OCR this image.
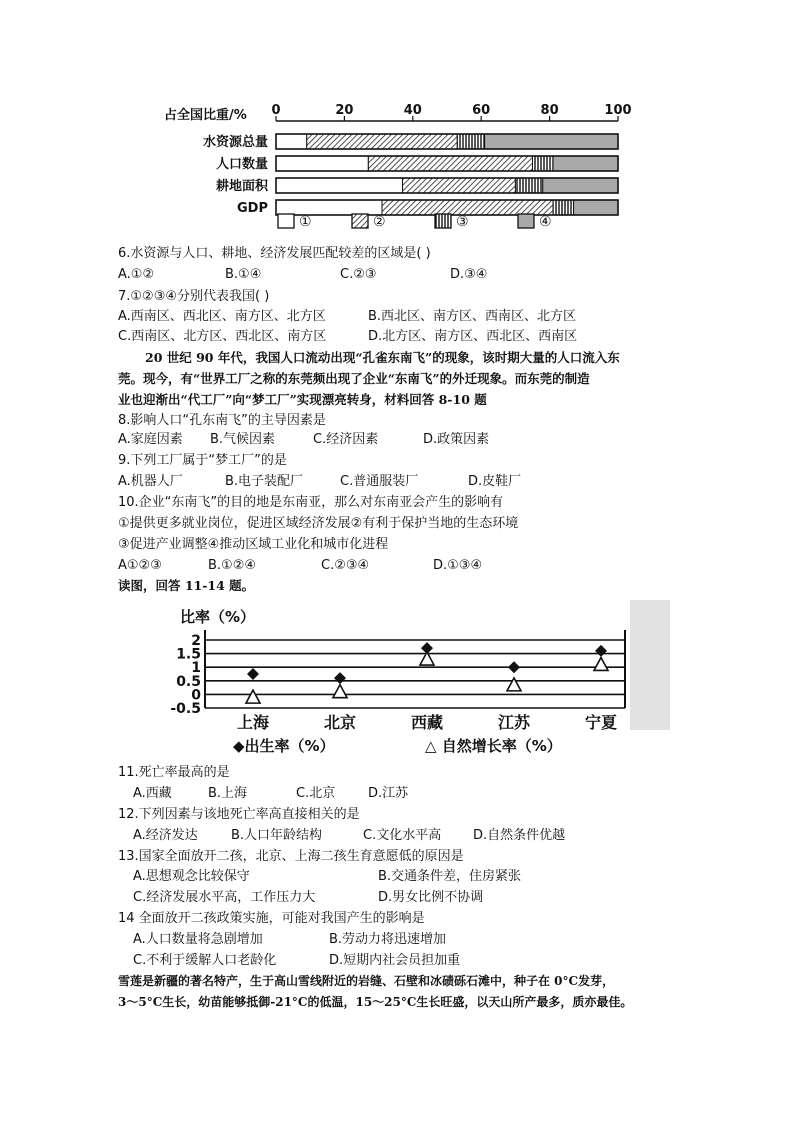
占全国比重/% 0	20	40	60	80	100
水资源总量
人口数量
耕地面积
GDP
①	②	③	④
6.水资源与人口、耕地、经济发展匹配较差的区域是( )
A.①②	B.①④	C.②③	D.③④
7.①②③④分别代表我国( )
A.西南区、西北区、南方区、北方区	B.西北区、南方区、西南区、北方区
C.西南区、北方区、西北区、南方区	D.北方区、南方区、西北区、西南区
20 世纪 90 年代，我国人口流动出现“孔雀东南飞”的现象，该时期大量的人口流入东
莞。现今，有“世界工厂之称的东莞频出现了企业“东南飞”的外迁现象。而东莞的制造
业也迎渐出“代工厂”向“梦工厂”实现漂亮转身，材料回答 8-10 题
8.影响人口“孔东南飞”的主导因素是
A.家庭因素 B.气候因素	C.经济因素	D.政策因素
9.下列工厂属于“梦工厂”的是
A.机器人厂	B.电子装配厂	C.普通服装厂	D.皮鞋厂
10.企业“东南飞”的目的地是东南亚，那么对东南亚会产生的影响有
①提供更多就业岗位，促进区域经济发展②有利于保护当地的生态环境
③促进产业调整④推动区域工业化和城市化进程
A①②③	B.①②④	C.②③④	D.①③④
读图，回答 11-14 题。
比率（%）
2
1.5
1
0.5
0
-0.5
上海	北京	西藏	江苏	宁夏
◆出生率（%）	△ 自然增长率（%）
11.死亡率最高的是
A.西藏	B.上海	C.北京	D.江苏
12.下列因素与该地死亡率高直接相关的是
A.经济发达	B.人口年龄结构	C.文化水平高 D.自然条件优越
13.国家全面放开二孩，北京、上海二孩生育意愿低的原因是
A.思想观念比较保守	B.交通条件差，住房紧张
C.经济发展水平高，工作压力大	D.男女比例不协调
14 全面放开二孩政策实施，可能对我国产生的影响是
A.人口数量将急剧增加	B.劳动力将迅速增加
C.不利于缓解人口老龄化	D.短期内社会员担加重
雪莲是新疆的著名特产，生于高山雪线附近的岩缝、石壁和冰碛砾石滩中，种子在 0°C发芽，
3～5°C生长，幼苗能够抵御-21°C的低温，15～25°C生长旺盛，以天山所产最多，质亦最佳。
